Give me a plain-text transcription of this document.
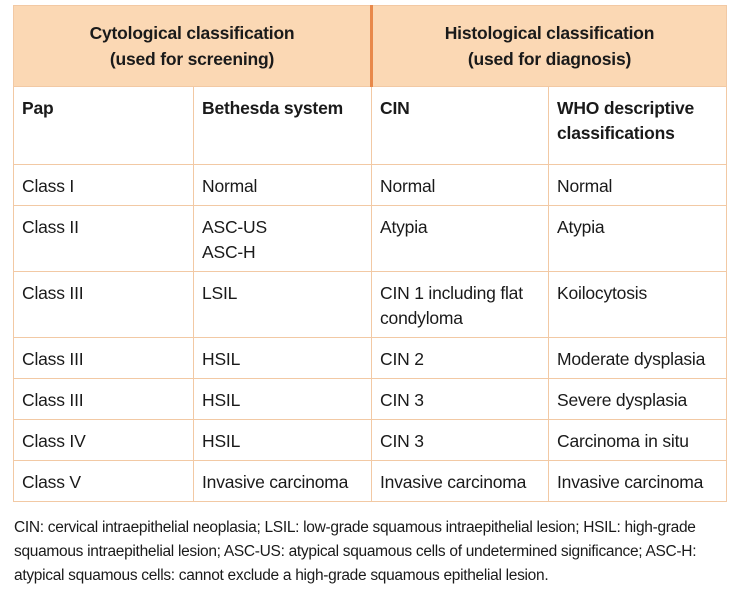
Cytological classification
(used for screening)		Histological classification
(used for diagnosis)	

Pap	Bethesda system	CIN	WHO descriptive
classifications

Class I	Normal	Normal	Normal

Class II	ASC-US
ASC-H	Atypia	Atypia

Class III	LSIL	CIN 1 including flat
condyloma	Koilocytosis

Class III	HSIL	CIN 2	Moderate dysplasia

Class III	HSIL	CIN 3	Severe dysplasia

Class IV	HSIL	CIN 3	Carcinoma in situ

Class V	Invasive carcinoma	Invasive carcinoma	Invasive carcinoma
CIN: cervical intraepithelial neoplasia; LSIL: low-grade squamous intraepithelial lesion; HSIL: high-grade squamous intraepithelial lesion; ASC-US: atypical squamous cells of undetermined significance; ASC-H: atypical squamous cells: cannot exclude a high-grade squamous epithelial lesion.
